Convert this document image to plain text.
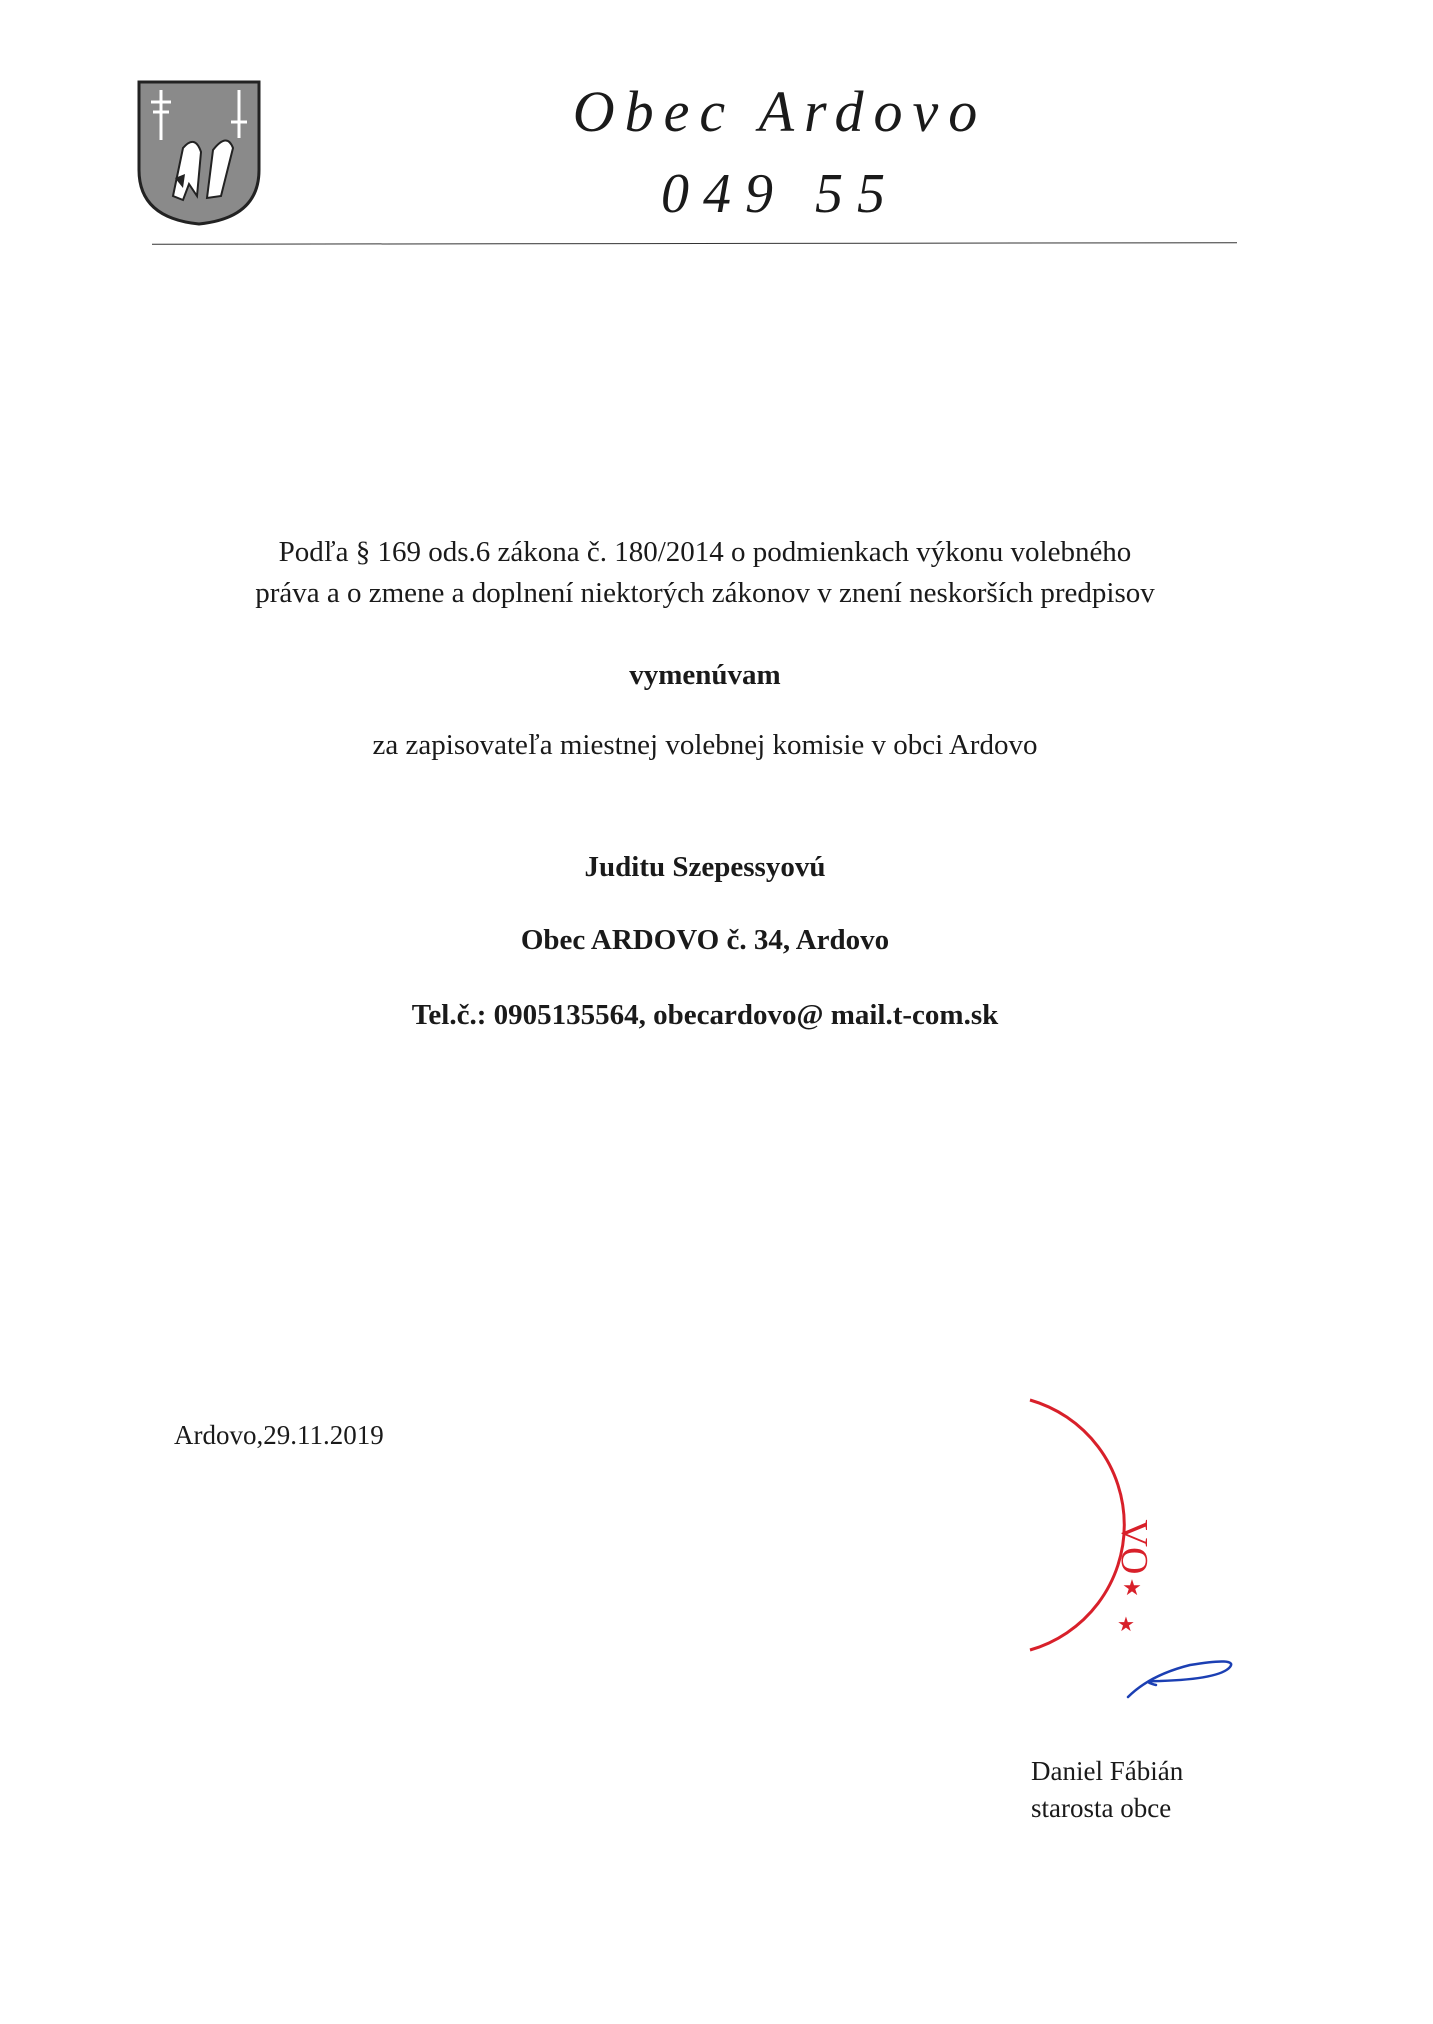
Obec Ardovo
049 55
Podľa § 169 ods.6 zákona č. 180/2014 o podmienkach výkonu volebného
práva a o zmene a doplnení niektorých zákonov v znení neskorších predpisov
vymenúvam
za zapisovateľa miestnej volebnej komisie v obci Ardovo
Juditu Szepessyovú
Obec ARDOVO č. 34, Ardovo
Tel.č.: 0905135564, obecardovo@ mail.t-com.sk
Ardovo,29.11.2019
VO
★
★
Daniel Fábián
starosta obce
